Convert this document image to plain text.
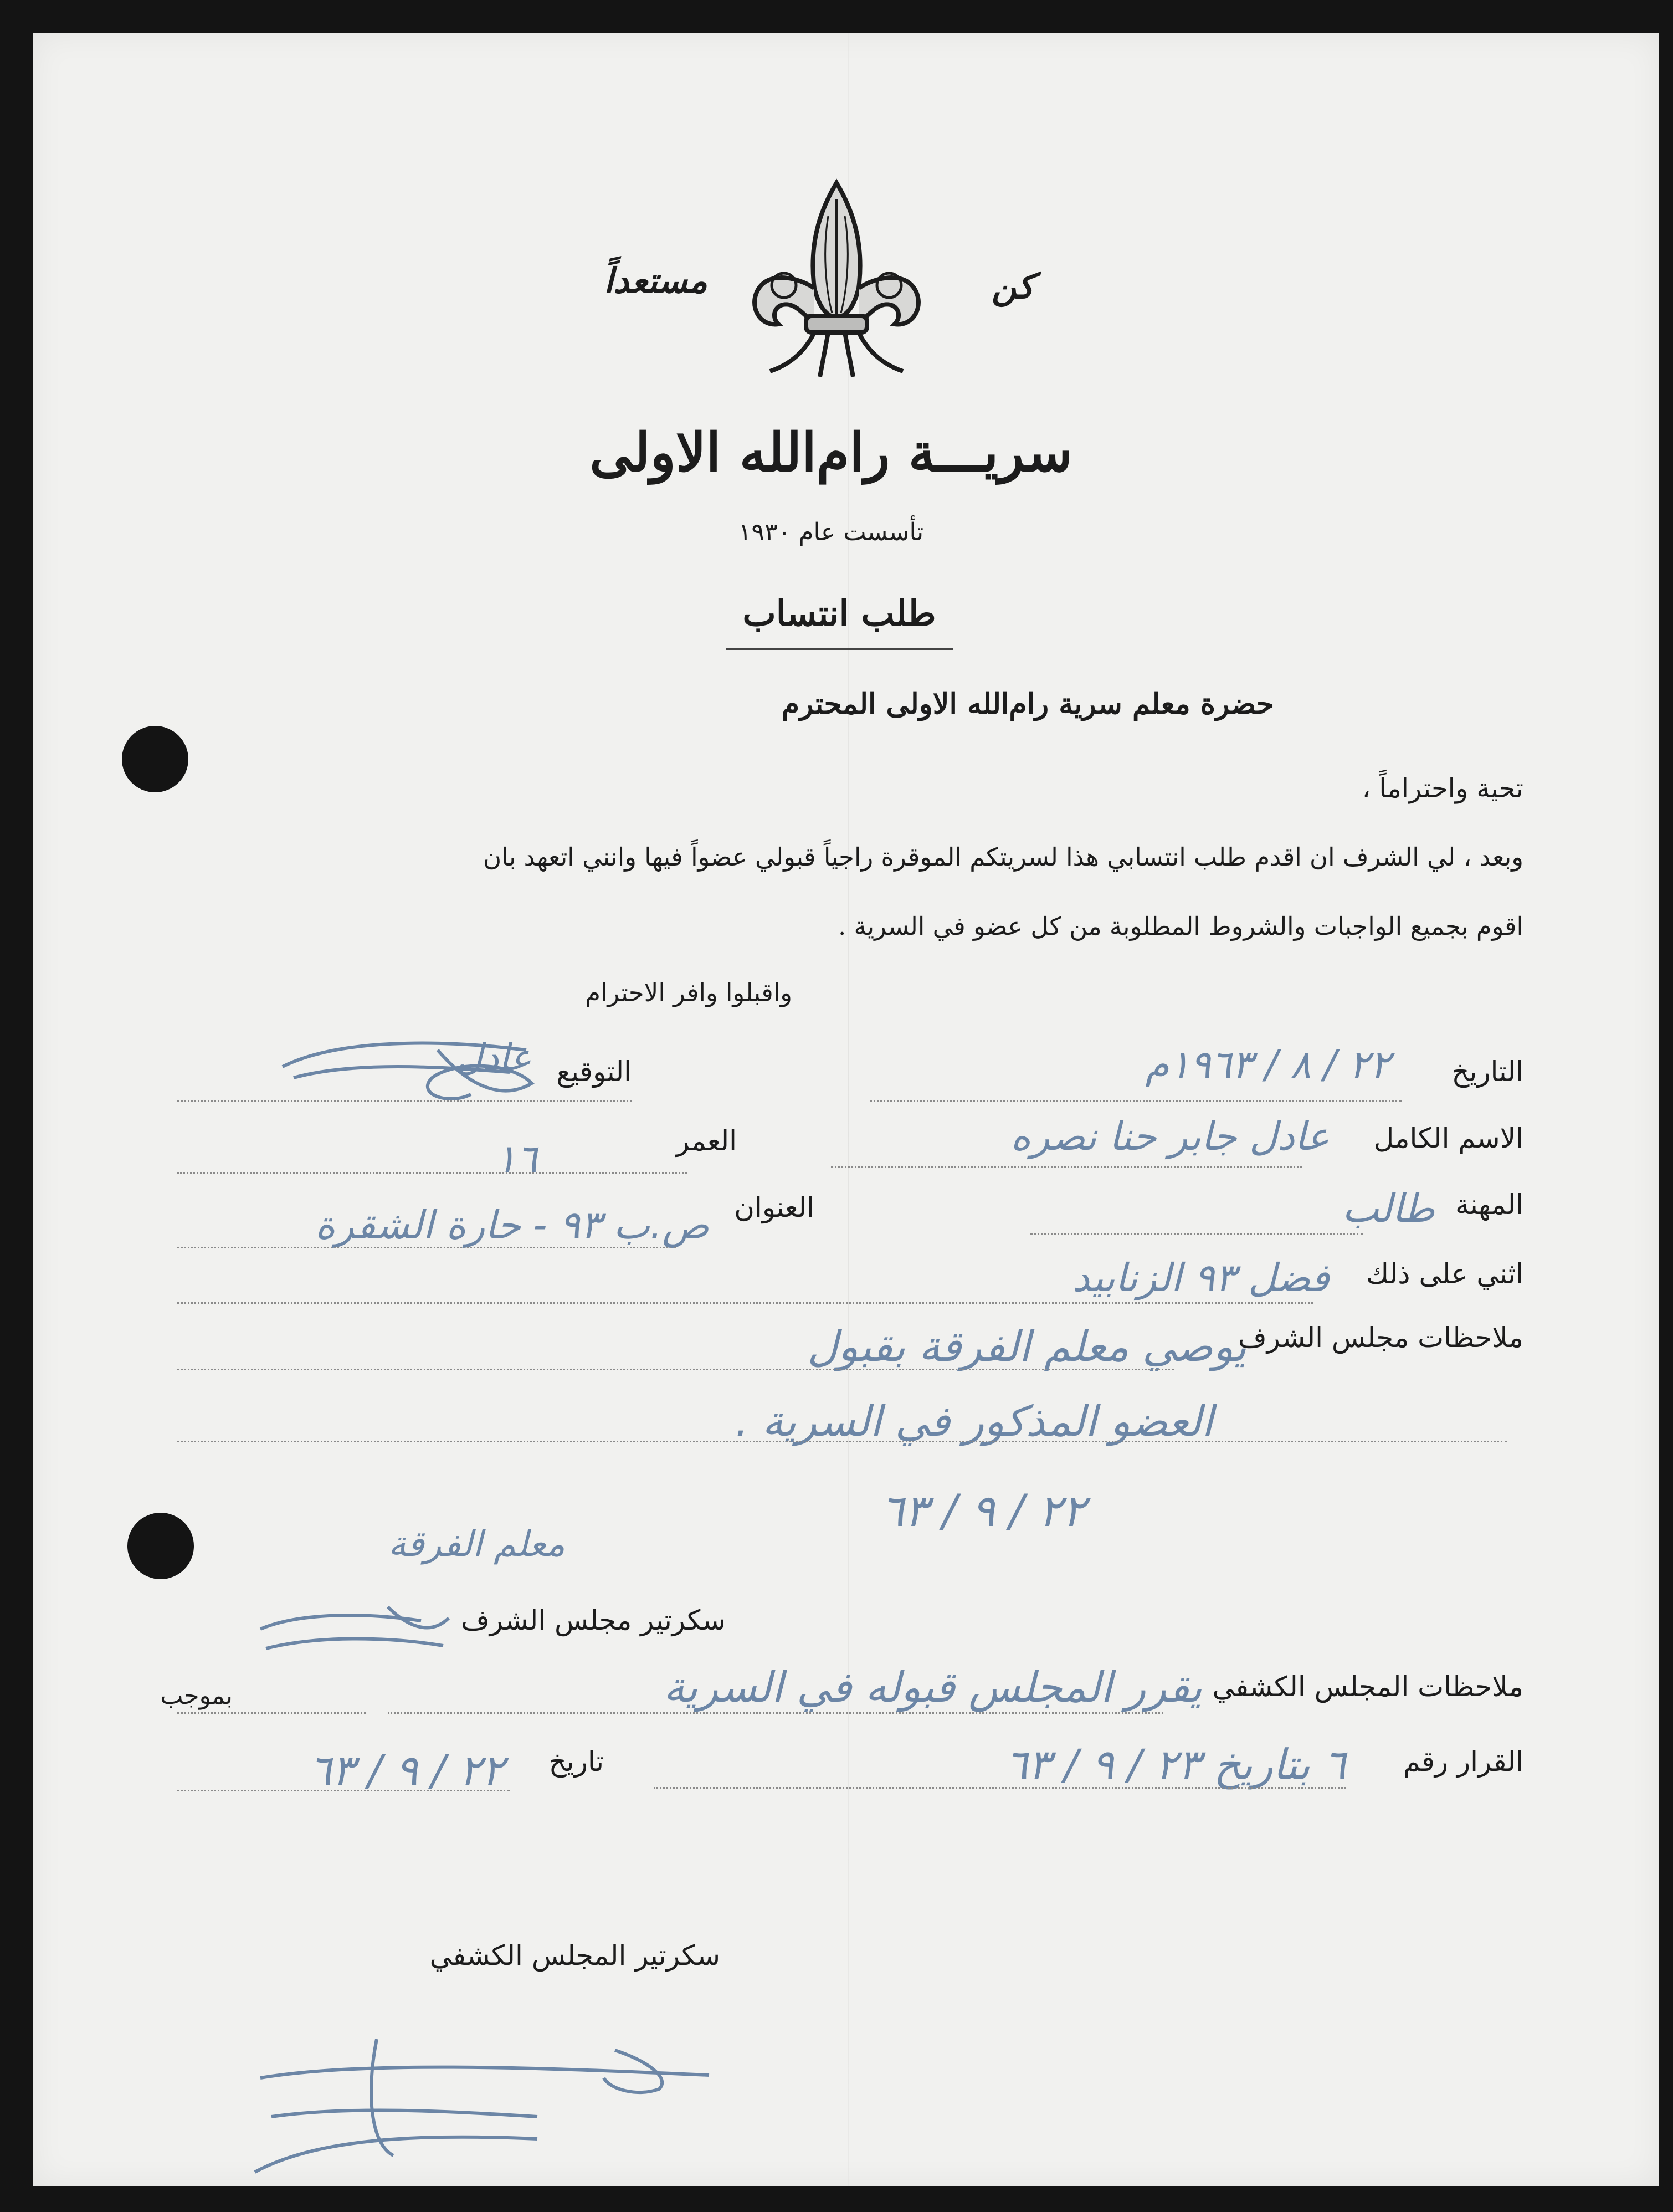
كن
مستعداً
سريـــة رام‌الله الاولى
تأسست عام ١٩٣٠
طلب انتساب
حضرة معلم سرية رام‌الله الاولى المحترم
تحية واحتراماً ،
وبعد ، لي الشرف ان اقدم طلب انتسابي هذا لسريتكم الموقرة راجياً قبولي عضواً فيها وانني اتعهد بان
اقوم بجميع الواجبات والشروط المطلوبة من كل عضو في السرية .
واقبلوا وافر الاحترام
التاريخ
٢٢ / ٨ / ١٩٦٣م
التوقيع
عادل
الاسم الكامل
عادل جابر حنا نصره
العمر
١٦
المهنة
طالب
العنوان
ص.ب ٩٣ - حارة الشقرة
اثني على ذلك
فضل ٩٣ الزنابيد
ملاحظات مجلس الشرف
يوصي معلم الفرقة بقبول
العضو المذكور في السرية .
٢٢ / ٩ / ٦٣
معلم الفرقة
سكرتير مجلس الشرف
ملاحظات المجلس الكشفي
يقرر المجلس قبوله في السرية
بموجب
القرار رقم
٦ بتاريخ ٢٣ / ٩ / ٦٣
تاريخ
٢٢ / ٩ / ٦٣
سكرتير المجلس الكشفي
